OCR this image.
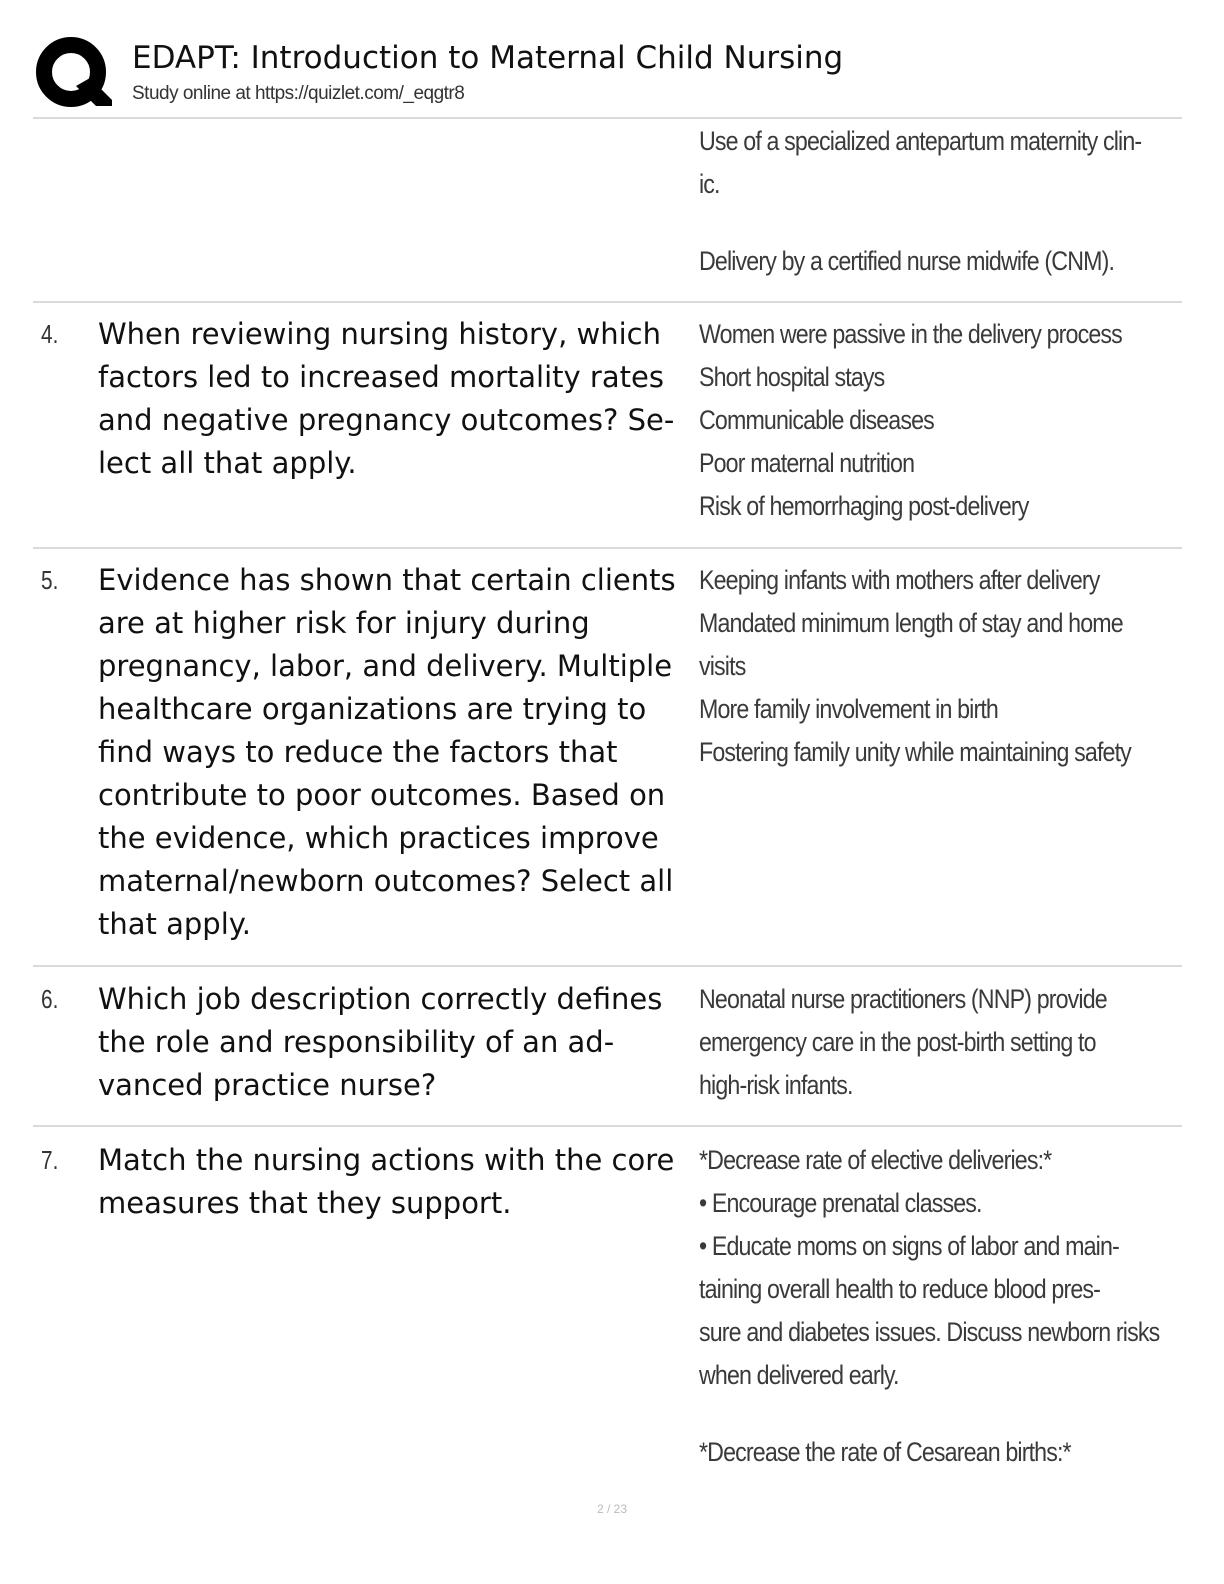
EDAPT: Introduction to Maternal Child Nursing
Study online at https://quizlet.com/_eqgtr8
Use of a specialized antepartum maternity clin-
ic.
Delivery by a certified nurse midwife (CNM).
4. When reviewing nursing history, which factors led to increased mortality rates and negative pregnancy outcomes? Se-lect all that apply.
Women were passive in the delivery process
Short hospital stays
Communicable diseases
Poor maternal nutrition
Risk of hemorrhaging post-delivery
5. Evidence has shown that certain clients are at higher risk for injury during pregnancy, labor, and delivery. Multiple healthcare organizations are trying to find ways to reduce the factors that contribute to poor outcomes. Based on the evidence, which practices improve maternal/newborn outcomes? Select all that apply.
Keeping infants with mothers after delivery
Mandated minimum length of stay and home
visits
More family involvement in birth
Fostering family unity while maintaining safety
6. Which job description correctly defines the role and responsibility of an ad-vanced practice nurse?
Neonatal nurse practitioners (NNP) provide
emergency care in the post-birth setting to
high-risk infants.
7. Match the nursing actions with the core measures that they support.
*Decrease rate of elective deliveries:*
• Encourage prenatal classes.
• Educate moms on signs of labor and main-
taining overall health to reduce blood pres-
sure and diabetes issues. Discuss newborn risks
when delivered early.
*Decrease the rate of Cesarean births:*
2 / 23
